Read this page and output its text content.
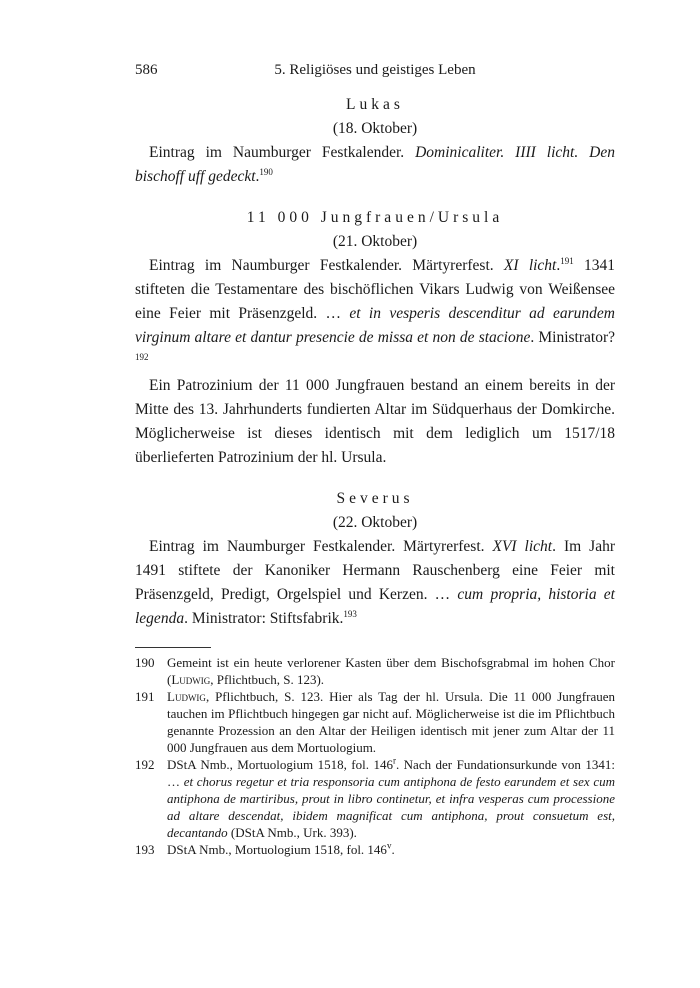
586	5. Religiöses und geistiges Leben
Lukas
(18. Oktober)

Eintrag im Naumburger Festkalender. Dominicaliter. IIII licht. Den bischoff uff gedeckt.$^{190}$

11 000 Jungfrauen/Ursula
(21. Oktober)

Eintrag im Naumburger Festkalender. Märtyrerfest. XI licht.$^{191}$ 1341 stifteten die Testamentare des bischöflichen Vikars Ludwig von Weißensee eine Feier mit Präsenzgeld. … et in vesperis descenditur ad earundem virginum altare et dantur presencie de missa et non de stacione. Ministrator?$^{192}$

Ein Patrozinium der 11 000 Jungfrauen bestand an einem bereits in der Mitte des 13. Jahrhunderts fundierten Altar im Südquerhaus der Domkirche. Möglicherweise ist dieses identisch mit dem lediglich um 1517/18 überlieferten Patrozinium der hl. Ursula.

Severus
(22. Oktober)

Eintrag im Naumburger Festkalender. Märtyrerfest. XVI licht. Im Jahr 1491 stiftete der Kanoniker Hermann Rauschenberg eine Feier mit Präsenzgeld, Predigt, Orgelspiel und Kerzen. … cum propria, historia et legenda. Ministrator: Stiftsfabrik.$^{193}$

190 Gemeint ist ein heute verlorener Kasten über dem Bischofsgrabmal im hohen Chor (Ludwig, Pflichtbuch, S. 123).
191 Ludwig, Pflichtbuch, S. 123. Hier als Tag der hl. Ursula. Die 11 000 Jungfrauen tauchen im Pflichtbuch hingegen gar nicht auf. Möglicherweise ist die im Pflichtbuch genannte Prozession an den Altar der Heiligen identisch mit jener zum Altar der 11 000 Jungfrauen aus dem Mortuologium.
192 DStA Nmb., Mortuologium 1518, fol. 146$^r$. Nach der Fundationsurkunde von 1341: … et chorus regetur et tria responsoria cum antiphona de festo earundem et sex cum antiphona de martiribus, prout in libro continetur, et infra vesperas cum processione ad altare descendat, ibidem magnificat cum antiphona, prout consuetum est, decantando (DStA Nmb., Urk. 393).
193 DStA Nmb., Mortuologium 1518, fol. 146$^v$.
